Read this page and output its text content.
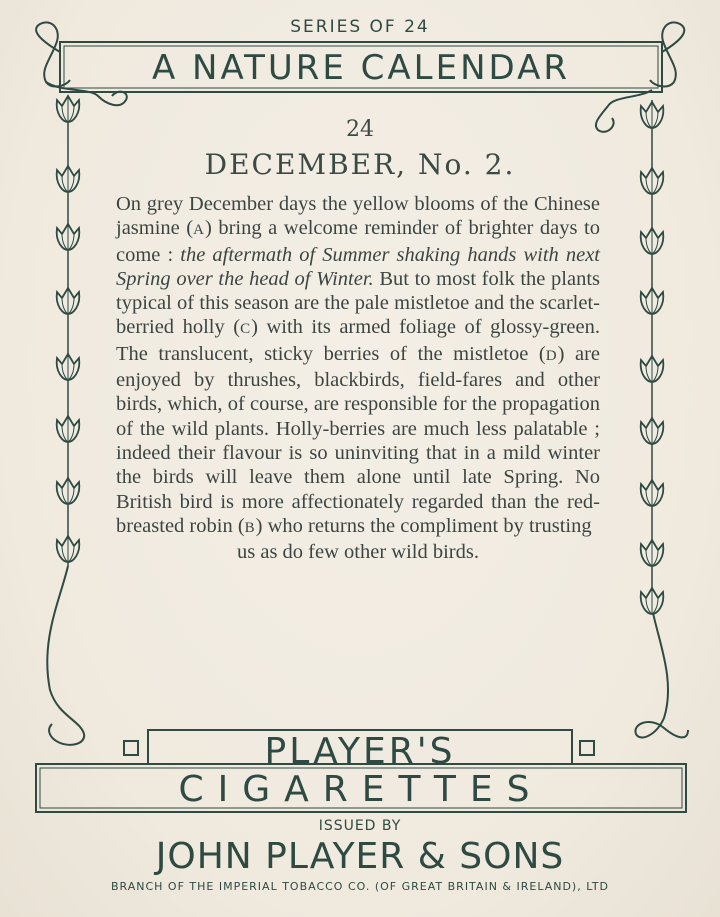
SERIES OF 24
A NATURE CALENDAR
24
DECEMBER, No. 2.

On grey December days the yellow blooms of the Chinese jasmine (A) bring a welcome reminder of brighter days to come : the aftermath of Summer shaking hands with next Spring over the head of Winter. But to most folk the plants typical of this season are the pale mistletoe and the scarlet-berried holly (C) with its armed foliage of glossy-green. The translucent, sticky berries of the mistletoe (D) are enjoyed by thrushes, blackbirds, field-fares and other birds, which, of course, are responsible for the propagation of the wild plants. Holly-berries are much less palatable ; indeed their flavour is so uninviting that in a mild winter the birds will leave them alone until late Spring. No British bird is more affectionately regarded than the red-breasted robin (B) who returns the compliment by trusting
us as do few other wild birds.

PLAYER'S
CIGARETTES
ISSUED BY
JOHN PLAYER & SONS
BRANCH OF THE IMPERIAL TOBACCO CO. (OF GREAT BRITAIN & IRELAND), LTD
